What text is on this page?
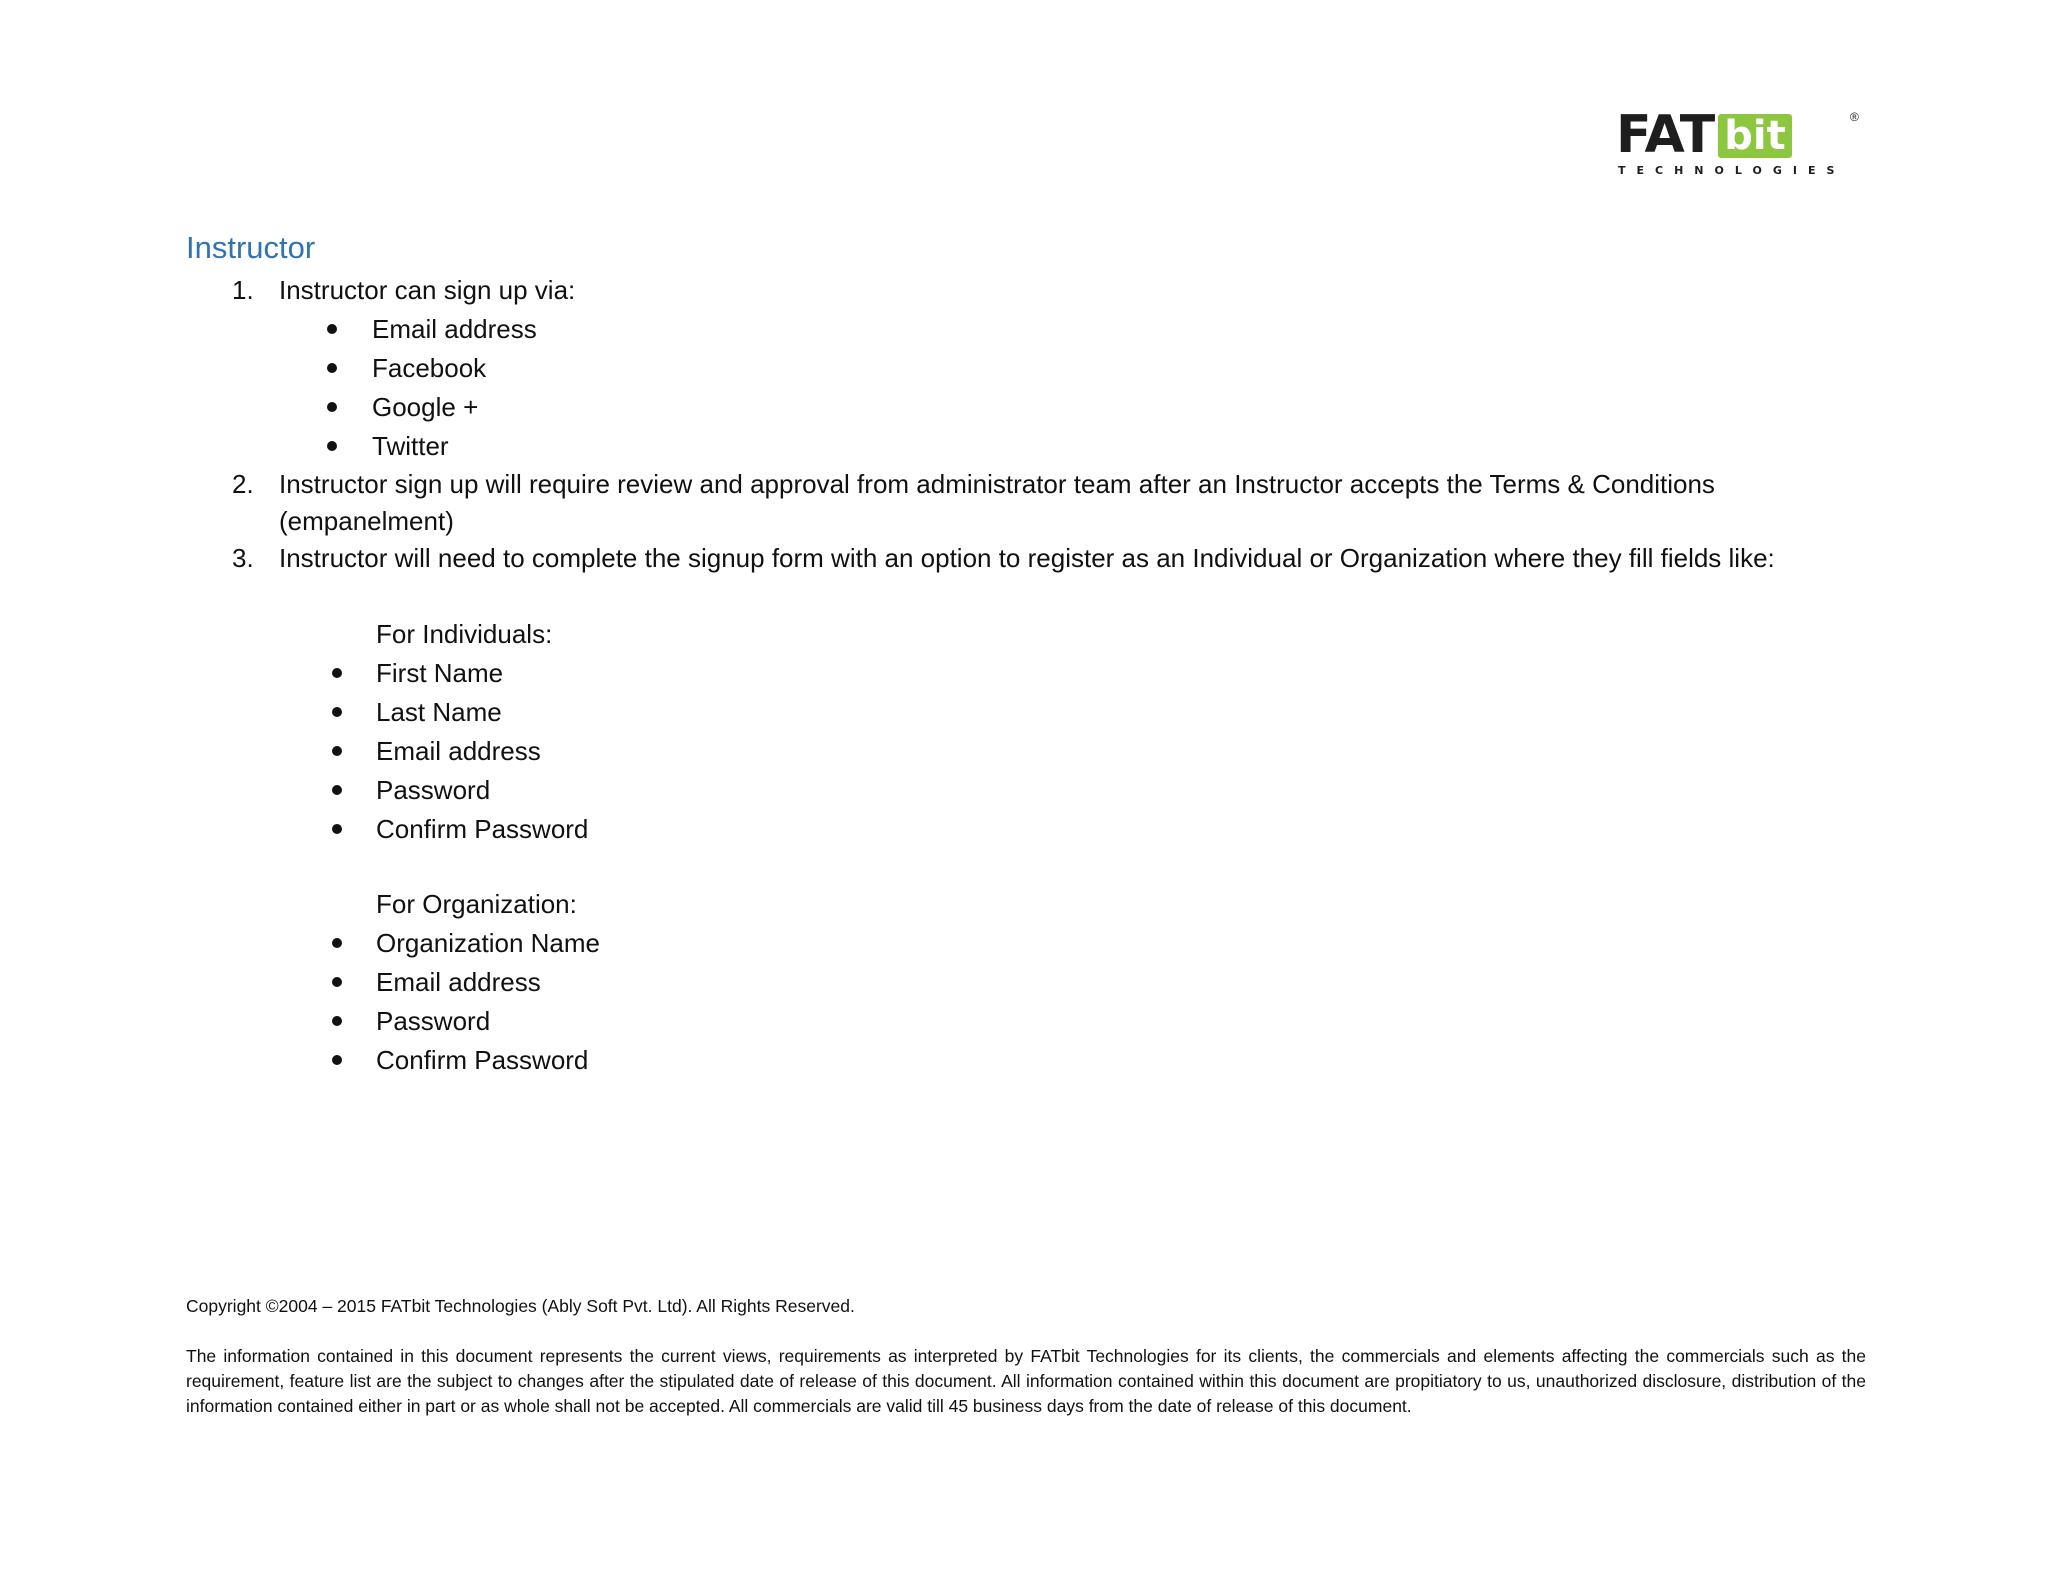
FAT bit	®
TECHNOLOGIES
Instructor
1. Instructor can sign up via:
Email address
Facebook
Google +
Twitter
2. Instructor sign up will require review and approval from administrator team after an Instructor accepts the Terms & Conditions
(empanelment)
3. Instructor will need to complete the signup form with an option to register as an Individual or Organization where they fill fields like:
For Individuals:
First Name
Last Name
Email address
Password
Confirm Password
For Organization:
Organization Name
Email address
Password
Confirm Password
Copyright ©2004 – 2015 FATbit Technologies (Ably Soft Pvt. Ltd). All Rights Reserved.
The information contained in this document represents the current views, requirements as interpreted by FATbit Technologies for its clients, the commercials and elements affecting the commercials such as the requirement, feature list are the subject to changes after the stipulated date of release of this document. All information contained within this document are propitiatory to us, unauthorized disclosure, distribution of the information contained either in part or as whole shall not be accepted. All commercials are valid till 45 business days from the date of release of this document.
